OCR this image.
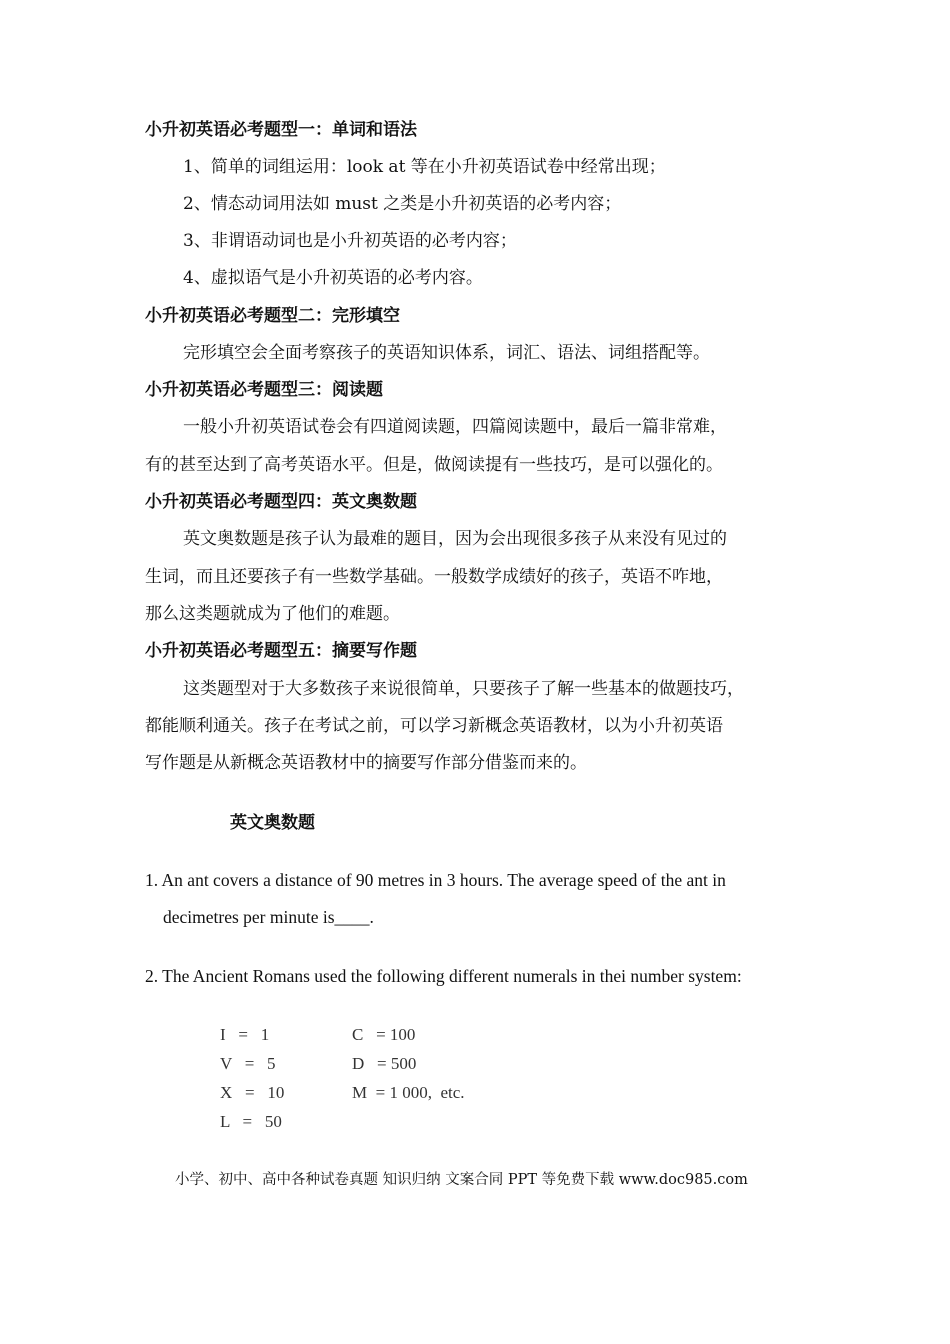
小升初英语必考题型一：单词和语法
1、简单的词组运用：look at 等在小升初英语试卷中经常出现；
2、情态动词用法如 must 之类是小升初英语的必考内容；
3、非谓语动词也是小升初英语的必考内容；
4、虚拟语气是小升初英语的必考内容。
小升初英语必考题型二：完形填空
完形填空会全面考察孩子的英语知识体系，词汇、语法、词组搭配等。
小升初英语必考题型三：阅读题
一般小升初英语试卷会有四道阅读题，四篇阅读题中，最后一篇非常难，
有的甚至达到了高考英语水平。但是，做阅读提有一些技巧，是可以强化的。
小升初英语必考题型四：英文奥数题
英文奥数题是孩子认为最难的题目，因为会出现很多孩子从来没有见过的
生词，而且还要孩子有一些数学基础。一般数学成绩好的孩子，英语不咋地，
那么这类题就成为了他们的难题。
小升初英语必考题型五：摘要写作题
这类题型对于大多数孩子来说很简单，只要孩子了解一些基本的做题技巧，
都能顺利通关。孩子在考试之前，可以学习新概念英语教材，以为小升初英语
写作题是从新概念英语教材中的摘要写作部分借鉴而来的。
英文奥数题
1. An ant covers a distance of 90 metres in 3 hours. The average speed of the ant in
decimetres per minute is____.
2. The Ancient Romans used the following different numerals in thei number system:
I   =   1
V   =   5
X   =   10
L   =   50
C   = 100
D   = 500
M  = 1 000,  etc.
小学、初中、高中各种试卷真题 知识归纳 文案合同 PPT 等免费下载 www.doc985.com
